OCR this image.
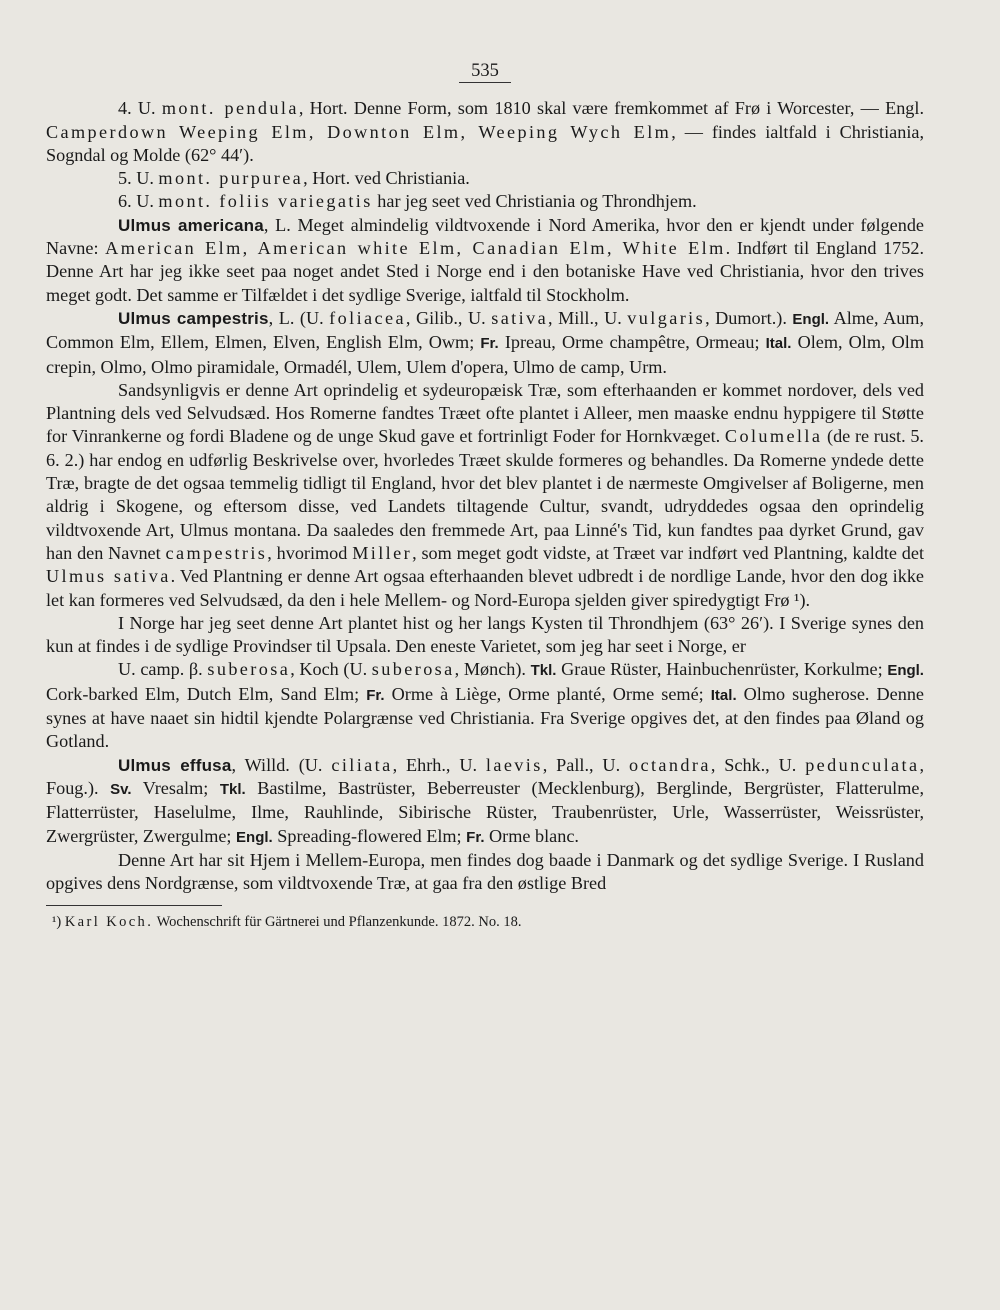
535

4. U. mont. pendula, Hort. Denne Form, som 1810 skal være fremkommet af Frø i Worcester, — Engl. Camperdown Weeping Elm, Downton Elm, Weeping Wych Elm, — findes ialtfald i Christiania, Sogndal og Molde (62° 44′).

5. U. mont. purpurea, Hort. ved Christiania.

6. U. mont. foliis variegatis har jeg seet ved Christiania og Throndhjem.

Ulmus americana, L. Meget almindelig vildtvoxende i Nord Amerika, hvor den er kjendt under følgende Navne: American Elm, American white Elm, Canadian Elm, White Elm. Indført til England 1752. Denne Art har jeg ikke seet paa noget andet Sted i Norge end i den botaniske Have ved Christiania, hvor den trives meget godt. Det samme er Tilfældet i det sydlige Sverige, ialtfald til Stockholm.

Ulmus campestris, L. (U. foliacea, Gilib., U. sativa, Mill., U. vulgaris, Dumort.). Engl. Alme, Aum, Common Elm, Ellem, Elmen, Elven, English Elm, Owm; Fr. Ipreau, Orme champêtre, Ormeau; Ital. Olem, Olm, Olm crepin, Olmo, Olmo piramidale, Ormadél, Ulem, Ulem d'opera, Ulmo de camp, Urm.

Sandsynligvis er denne Art oprindelig et sydeuropæisk Træ, som efterhaanden er kommet nordover, dels ved Plantning dels ved Selvudsæd. Hos Romerne fandtes Træet ofte plantet i Alleer, men maaske endnu hyppigere til Støtte for Vinrankerne og fordi Bladene og de unge Skud gave et fortrinligt Foder for Hornkvæget. Columella (de re rust. 5. 6. 2.) har endog en udførlig Beskrivelse over, hvorledes Træet skulde formeres og behandles. Da Romerne yndede dette Træ, bragte de det ogsaa temmelig tidligt til England, hvor det blev plantet i de nærmeste Omgivelser af Boligerne, men aldrig i Skogene, og eftersom disse, ved Landets tiltagende Cultur, svandt, udryddedes ogsaa den oprindelig vildtvoxende Art, Ulmus montana. Da saaledes den fremmede Art, paa Linné's Tid, kun fandtes paa dyrket Grund, gav han den Navnet campestris, hvorimod Miller, som meget godt vidste, at Træet var indført ved Plantning, kaldte det Ulmus sativa. Ved Plantning er denne Art ogsaa efterhaanden blevet udbredt i de nordlige Lande, hvor den dog ikke let kan formeres ved Selvudsæd, da den i hele Mellem- og Nord-Europa sjelden giver spiredygtigt Frø ¹).

I Norge har jeg seet denne Art plantet hist og her langs Kysten til Throndhjem (63° 26′). I Sverige synes den kun at findes i de sydlige Provindser til Upsala. Den eneste Varietet, som jeg har seet i Norge, er

U. camp. β. suberosa, Koch (U. suberosa, Mønch). Tkl. Graue Rüster, Hainbuchenrüster, Korkulme; Engl. Cork-barked Elm, Dutch Elm, Sand Elm; Fr. Orme à Liège, Orme planté, Orme semé; Ital. Olmo sugherose. Denne synes at have naaet sin hidtil kjendte Polargrænse ved Christiania. Fra Sverige opgives det, at den findes paa Øland og Gotland.

Ulmus effusa, Willd. (U. ciliata, Ehrh., U. laevis, Pall., U. octandra, Schk., U. pedunculata, Foug.). Sv. Vresalm; Tkl. Bastilme, Bastrüster, Beberreuster (Mecklenburg), Berglinde, Bergrüster, Flatterulme, Flatterrüster, Haselulme, Ilme, Rauhlinde, Sibirische Rüster, Traubenrüster, Urle, Wasserrüster, Weissrüster, Zwergrüster, Zwergulme; Engl. Spreading-flowered Elm; Fr. Orme blanc.

Denne Art har sit Hjem i Mellem-Europa, men findes dog baade i Danmark og det sydlige Sverige. I Rusland opgives dens Nordgrænse, som vildtvoxende Træ, at gaa fra den østlige Bred

¹) Karl Koch. Wochenschrift für Gärtnerei und Pflanzenkunde. 1872. No. 18.
